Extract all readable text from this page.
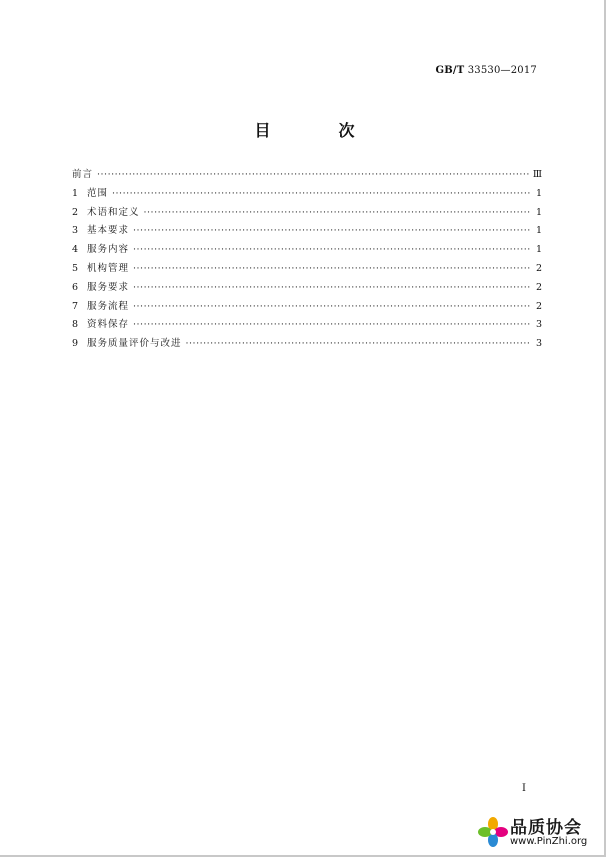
GB/T 33530—2017
目　次
前言 ·····	Ⅲ
1 范围 ·····	1
2 术语和定义 ·····	1
3 基本要求 ·····	1
4 服务内容 ·····	1
5 机构管理 ·····	2
6 服务要求 ·····	2
7 服务流程 ·····	2
8 资料保存 ·····	3
9 服务质量评价与改进 ·····	3
I
品质协会
www.PinZhi.org
